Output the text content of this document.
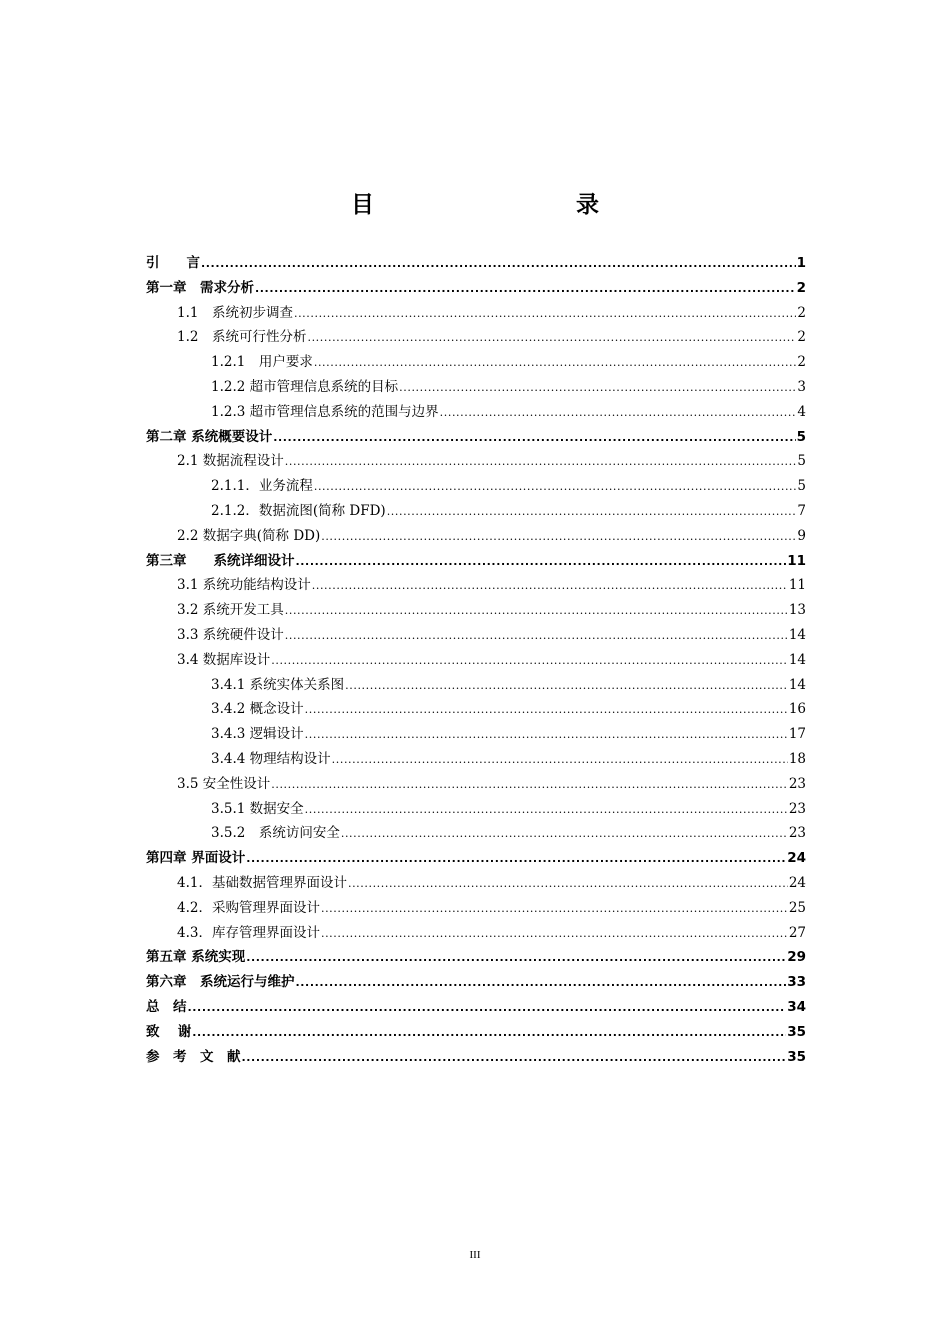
目　　录
引　　言 .....	1
第一章　需求分析 .....	2
1.1　系统初步调查 .....	2
1.2　系统可行性分析 .....	2
1.2.1　用户要求 .....	2
1.2.2 超市管理信息系统的目标 .....	3
1.2.3 超市管理信息系统的范围与边界 .....	4
第二章 系统概要设计 .....	5
2.1 数据流程设计 .....	5
2.1.1．业务流程 .....	5
2.1.2．数据流图(简称 DFD) .....	7
2.2 数据字典(简称 DD) .....	9
第三章　　系统详细设计 .....	11
3.1 系统功能结构设计 .....	11
3.2 系统开发工具 .....	13
3.3 系统硬件设计 .....	14
3.4 数据库设计 .....	14
3.4.1 系统实体关系图 .....	14
3.4.2 概念设计 .....	16
3.4.3 逻辑设计 .....	17
3.4.4 物理结构设计 .....	18
3.5 安全性设计 .....	23
3.5.1 数据安全 .....	23
3.5.2　系统访问安全 .....	23
第四章 界面设计 .....	24
4.1．基础数据管理界面设计 .....	24
4.2．采购管理界面设计 .....	25
4.3．库存管理界面设计 .....	27
第五章 系统实现 .....	29
第六章　系统运行与维护 .....	33
总　结 .....	34
致　 谢 .....	35
参　考　文　献 .....	35
III
